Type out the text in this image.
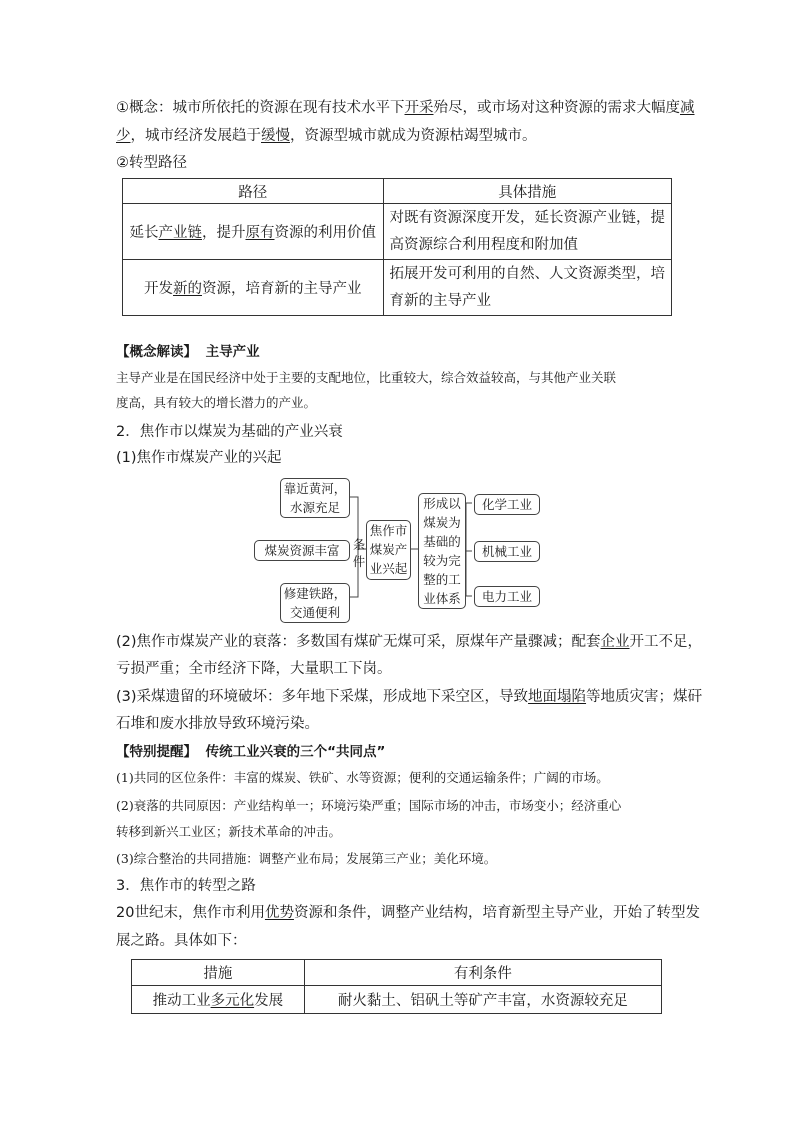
①概念：城市所依托的资源在现有技术水平下开采殆尽，或市场对这种资源的需求大幅度减
少，城市经济发展趋于缓慢，资源型城市就成为资源枯竭型城市。
②转型路径
路径	具体措施
延长产业链，提升原有资源的利用价值	对既有资源深度开发，延长资源产业链，提
高资源综合利用程度和附加值

开发新的资源，培育新的主导产业	拓展开发可利用的自然、人文资源类型，培
育新的主导产业
【概念解读】 主导产业
主导产业是在国民经济中处于主要的支配地位，比重较大，综合效益较高，与其他产业关联
度高，具有较大的增长潜力的产业。
2．焦作市以煤炭为基础的产业兴衰
(1)焦作市煤炭产业的兴起
靠近黄河，
水源充足
煤炭资源丰富
修建铁路，
交通便利
条
件
焦作市
煤炭产
业兴起
形成以
煤炭为
基础的
较为完
整的工
业体系
化学工业
机械工业
电力工业
(2)焦作市煤炭产业的衰落：多数国有煤矿无煤可采，原煤年产量骤减；配套企业开工不足，
亏损严重；全市经济下降，大量职工下岗。
(3)采煤遗留的环境破坏：多年地下采煤，形成地下采空区，导致地面塌陷等地质灾害；煤矸
石堆和废水排放导致环境污染。
【特别提醒】 传统工业兴衰的三个“共同点”
(1)共同的区位条件：丰富的煤炭、铁矿、水等资源；便利的交通运输条件；广阔的市场。
(2)衰落的共同原因：产业结构单一；环境污染严重；国际市场的冲击，市场变小；经济重心
转移到新兴工业区；新技术革命的冲击。
(3)综合整治的共同措施：调整产业布局；发展第三产业；美化环境。
3．焦作市的转型之路
20世纪末，焦作市利用优势资源和条件，调整产业结构，培育新型主导产业，开始了转型发
展之路。具体如下：
措施	有利条件
推动工业多元化发展	耐火黏土、铝矾土等矿产丰富，水资源较充足
